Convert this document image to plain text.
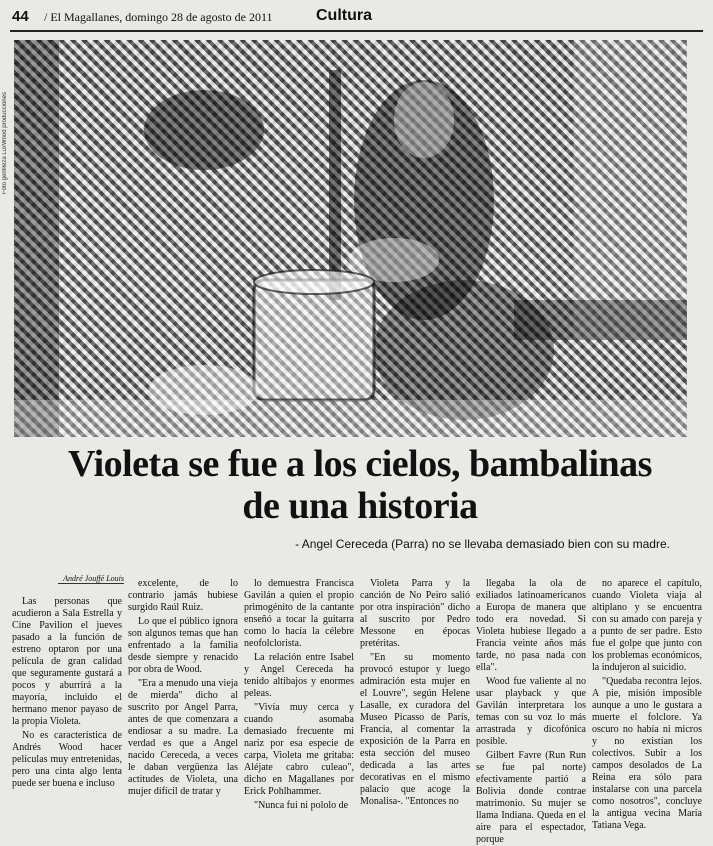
44 / El Magallanes, domingo 28 de agosto de 2011	Cultura
Foto gentileza LuxWood producciones
Violeta se fue a los cielos, bambalinas de una historia
- Angel Cereceda (Parra) no se llevaba demasiado bien con su madre.
André Jouffé Louis

Las personas que acudieron a Sala Estrella y Cine Pavilion el jueves pasado a la función de estreno optaron por una película de gran calidad que seguramente gustará a pocos y aburrirá a la mayoría, incluido el hermano menor payaso de la propia Violeta.

No es característica de Andrés Wood hacer películas muy entretenidas, pero una cinta algo lenta puede ser buena e incluso

excelente, de lo contrario jamás hubiese surgido Raúl Ruiz.

Lo que el público ignora son algunos temas que han enfrentado a la familia desde siempre y renacido por obra de Wood.

"Era a menudo una vieja de mierda" dicho al suscrito por Angel Parra, antes de que comenzara a endiosar a su madre. La verdad es que a Angel nacido Cereceda, a veces le daban vergüenza las actitudes de Violeta, una mujer difícil de tratar y

lo demuestra Francisca Gavilán a quien el propio primogénito de la cantante enseñó a tocar la guitarra como lo hacía la célebre neofolclorista.

La relación entre Isabel y Angel Cereceda ha tenido altibajos y enormes peleas.

"Vivía muy cerca y cuando asomaba demasiado frecuente mi nariz por esa especie de carpa, Violeta me gritaba: Aléjate cabro culeao", dicho en Magallanes por Erick Pohlhammer.

"Nunca fui ni pololo de

Violeta Parra y la canción de No Peiro salió por otra inspiración" dicho al suscrito por Pedro Messone en épocas pretéritas.

"En su momento provocó estupor y luego admiración esta mujer en el Louvre", según Helene Lasalle, ex curadora del Museo Picasso de París, Francia, al comentar la exposición de la Parra en esta sección del museo dedicada a las artes decorativas en el mismo palacio que acoge la Monalisa-. "Entonces no

llegaba la ola de exiliados latinoamericanos a Europa de manera que todo era novedad. Si Violeta hubiese llegado a Francia veinte años más tarde, no pasa nada con ella".

Wood fue valiente al no usar playback y que Gavilán interpretara los temas con su voz lo más arrastrada y dicofónica posible.

Gilbert Favre (Run Run se fue pal norte) efectivamente partió a Bolivia donde contrae matrimonio. Su mujer se llama Indiana. Queda en el aire para el espectador, porque

no aparece el capítulo, cuando Violeta viaja al altiplano y se encuentra con su amado con pareja y a punto de ser padre. Esto fue el golpe que junto con los problemas económicos, la indujeron al suicidio.

"Quedaba recontra lejos. A pie, misión imposible aunque a uno le gustara a muerte el folclore. Ya oscuro no había ni micros y no existían los colectivos. Subir a los campos desolados de La Reina era sólo para instalarse con una parcela como nosotros", concluye la antigua vecina María Tatiana Vega.
